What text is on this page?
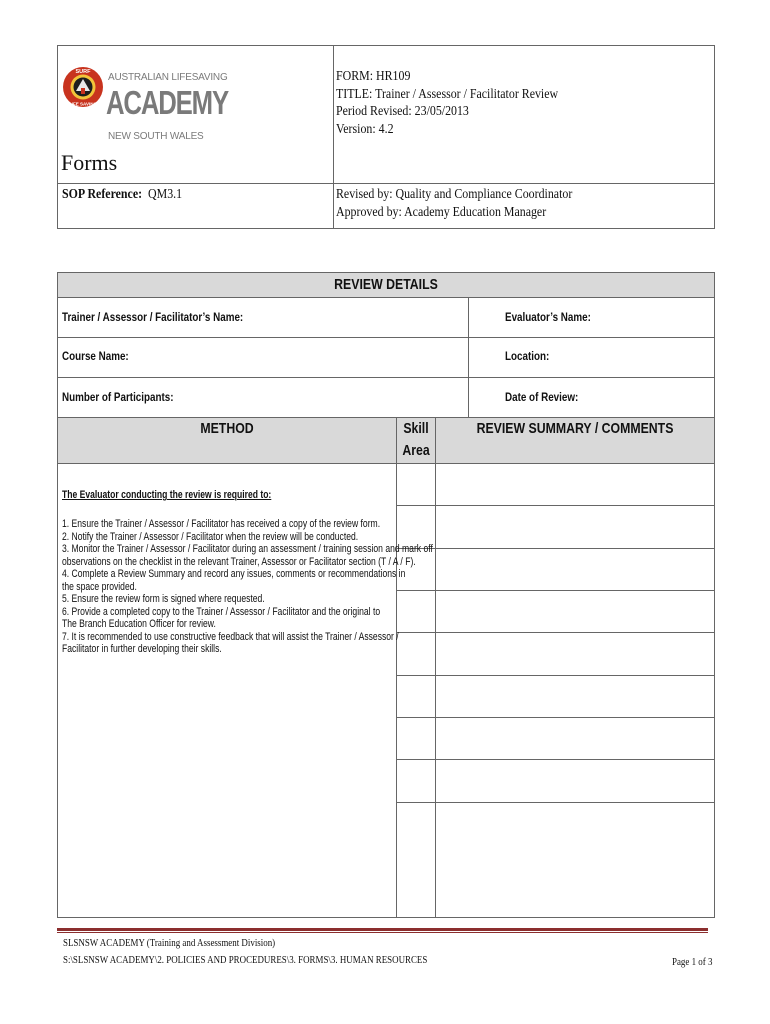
SURF
LIFE SAVING
AUSTRALIAN LIFESAVING
ACADEMY
NEW SOUTH WALES
Forms
SOP Reference: QM3.1
FORM: HR109
TITLE: Trainer / Assessor / Facilitator Review
Period Revised: 23/05/2013
Version: 4.2
Revised by: Quality and Compliance Coordinator
Approved by: Academy Education Manager
REVIEW DETAILS
Trainer / Assessor / Facilitator’s Name:	Evaluator’s Name:
Course Name:	Location:
Number of Participants:	Date of Review:
METHOD	Skill
Area
REVIEW SUMMARY / COMMENTS
The Evaluator conducting the review is required to:
1. Ensure the Trainer / Assessor / Facilitator has received a copy of the review form.
2. Notify the Trainer / Assessor / Facilitator when the review will be conducted.
3. Monitor the Trainer / Assessor / Facilitator during an assessment / training session and mark off
observations on the checklist in the relevant Trainer, Assessor or Facilitator section (T / A / F).
4. Complete a Review Summary and record any issues, comments or recommendations in
the space provided.
5. Ensure the review form is signed where requested.
6. Provide a completed copy to the Trainer / Assessor / Facilitator and the original to
The Branch Education Officer for review.
7. It is recommended to use constructive feedback that will assist the Trainer / Assessor /
Facilitator in further developing their skills.
SLSNSW ACADEMY (Training and Assessment Division)
S:\SLSNSW ACADEMY\2. POLICIES AND PROCEDURES\3. FORMS\3. HUMAN RESOURCES	Page 1 of 3
